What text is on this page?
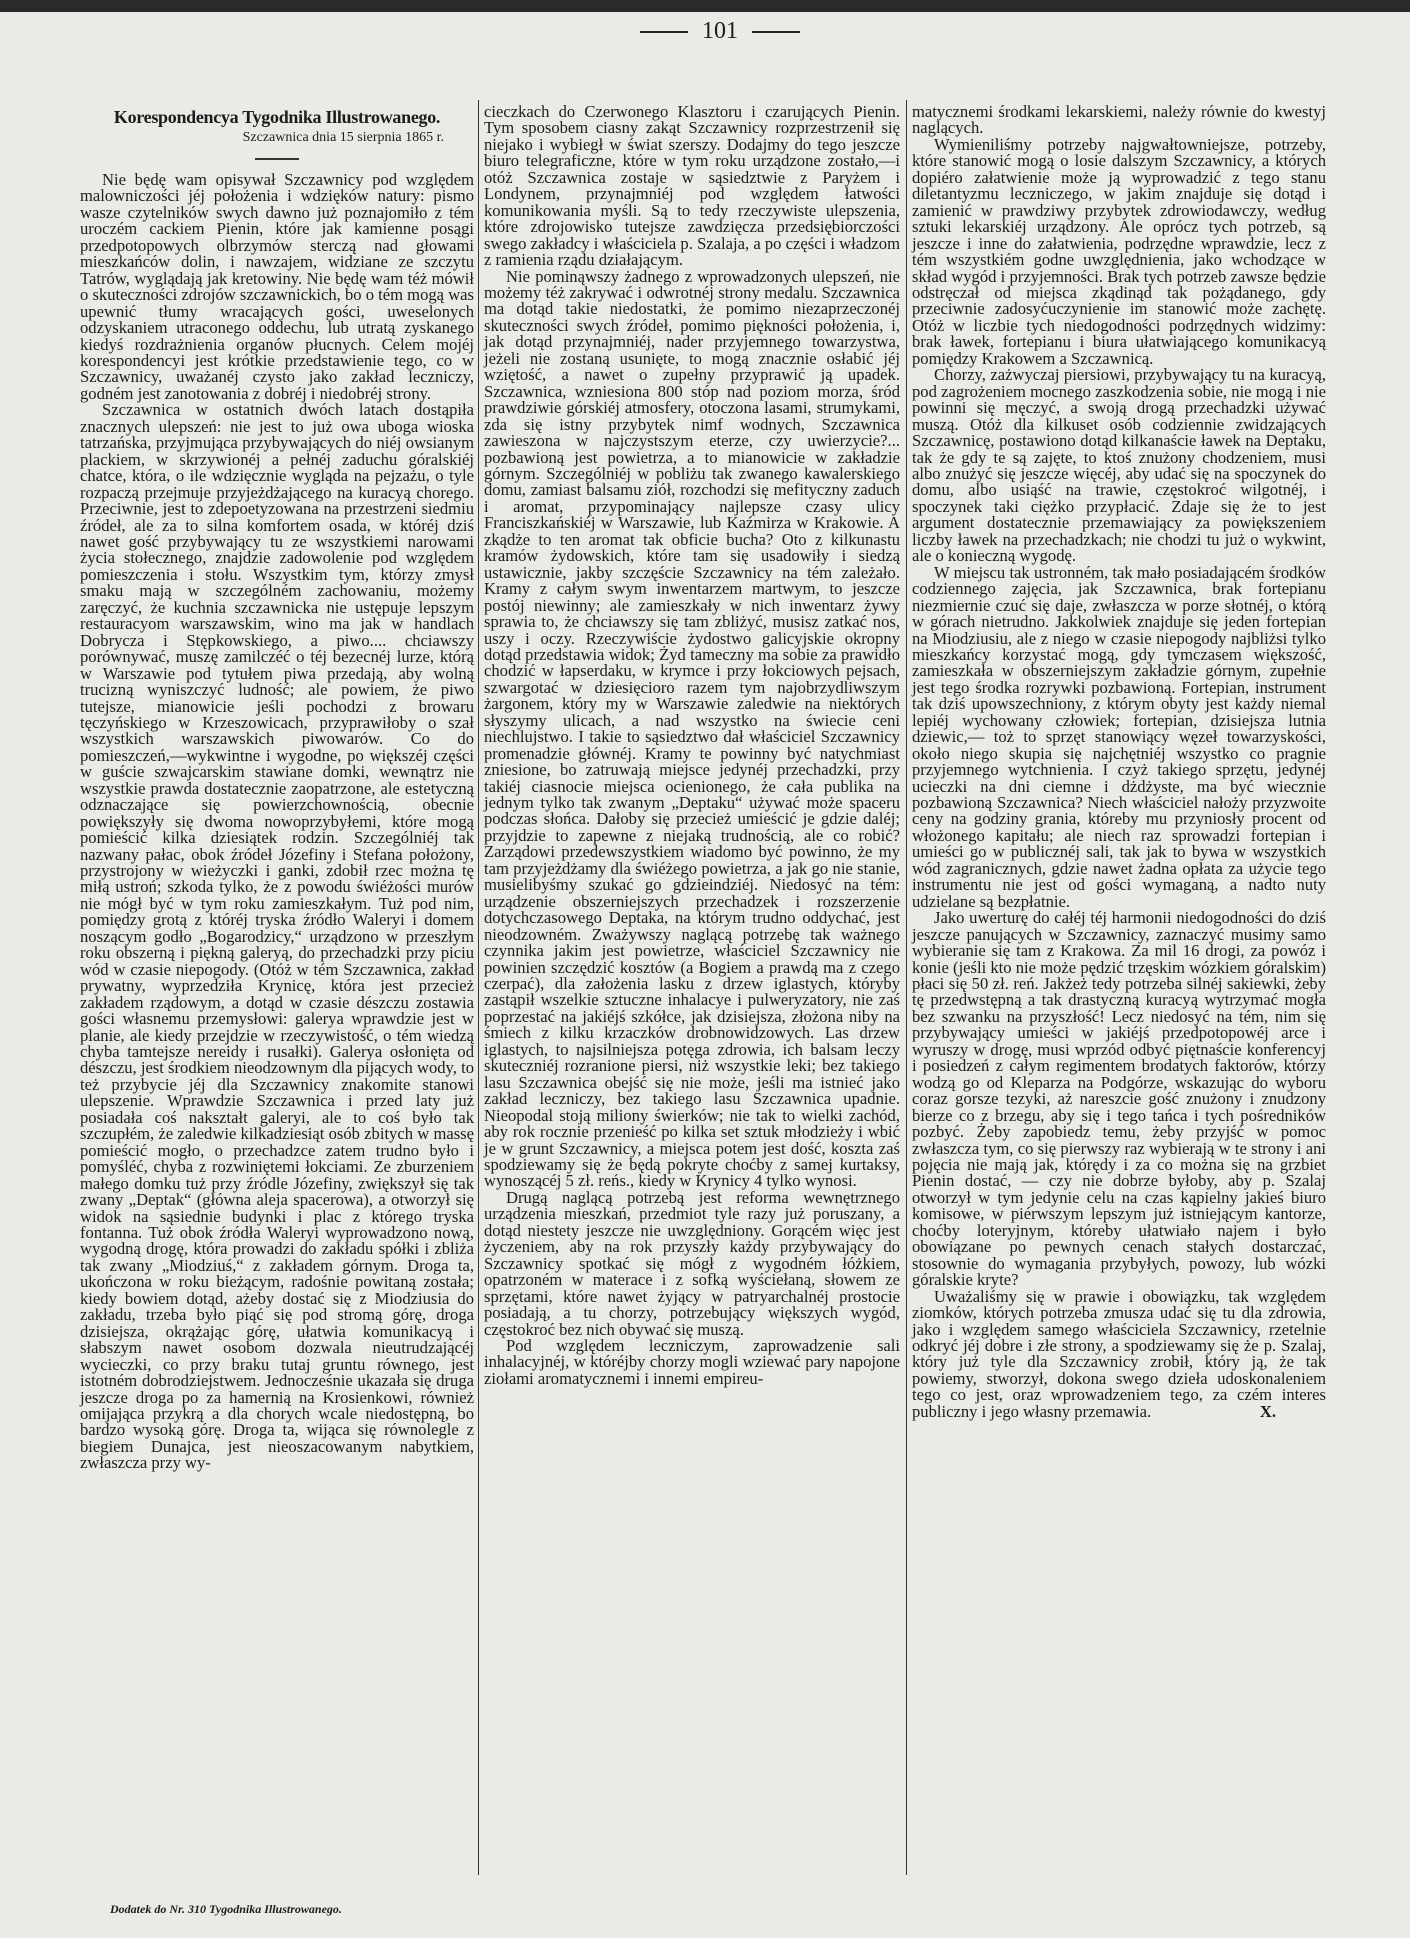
101
Korespondencya Tygodnika Illustrowanego.
Szczawnica dnia 15 sierpnia 1865 r.

Nie będę wam opisywał Szczawnicy pod względem malowniczości jéj położenia i wdzięków natury: pismo wasze czytelników swych dawno już poznajomiło z tém uroczém cackiem Pienin, które jak kamienne posągi przedpotopowych olbrzymów sterczą nad głowami mieszkańców dolin, i nawzajem, widziane ze szczytu Tatrów, wyglądają jak kretowiny. Nie będę wam téż mówił o skuteczności zdrojów szczawnickich, bo o tém mogą was upewnić tłumy wracających gości, uweselonych odzyskaniem utraconego oddechu, lub utratą zyskanego kiedyś rozdrażnienia organów płucnych. Celem mojéj korespondencyi jest krótkie przedstawienie tego, co w Szczawnicy, uważanéj czysto jako zakład leczniczy, godném jest zanotowania z dobréj i niedobréj strony.

Szczawnica w ostatnich dwóch latach dostąpiła znacznych ulepszeń: nie jest to już owa uboga wioska tatrzańska, przyjmująca przybywających do niéj owsianym plackiem, w skrzywionéj a pełnéj zaduchu góralskiéj chatce, która, o ile wdzięcznie wygląda na pejzażu, o tyle rozpaczą przejmuje przyjeżdżającego na kuracyą chorego. Przeciwnie, jest to zdepoetyzowana na przestrzeni siedmiu źródeł, ale za to silna komfortem osada, w któréj dziś nawet gość przybywający tu ze wszystkiemi narowami życia stołecznego, znajdzie zadowolenie pod względem pomieszczenia i stołu. Wszystkim tym, którzy zmysł smaku mają w szczególném zachowaniu, możemy zaręczyć, że kuchnia szczawnicka nie ustępuje lepszym restauracyom warszawskim, wino ma jak w handlach Dobrycza i Stępkowskiego, a piwo.... chciawszy porównywać, muszę zamilczéć o téj bezecnéj lurze, którą w Warszawie pod tytułem piwa przedają, aby wolną trucizną wyniszczyć ludność; ale powiem, że piwo tutejsze, mianowicie jeśli pochodzi z browaru tęczyńskiego w Krzeszowicach, przyprawiłoby o szał wszystkich warszawskich piwowarów. Co do pomieszczeń,—wykwintne i wygodne, po większéj części w guście szwajcarskim stawiane domki, wewnątrz nie wszystkie prawda dostatecznie zaopatrzone, ale estetyczną odznaczające się powierzchownością, obecnie powiększyły się dwoma nowoprzybyłemi, które mogą pomieścić kilka dziesiątek rodzin. Szczególniéj tak nazwany pałac, obok źródeł Józefiny i Stefana położony, przystrojony w wieżyczki i ganki, zdobił rzec można tę miłą ustroń; szkoda tylko, że z powodu świéżości murów nie mógł być w tym roku zamieszkałym. Tuż pod nim, pomiędzy grotą z któréj tryska źródło Waleryi i domem noszącym godło „Bogarodzicy,“ urządzono w przeszłym roku obszerną i piękną galeryą, do przechadzki przy piciu wód w czasie niepogody. (Otóż w tém Szczawnica, zakład prywatny, wyprzedziła Krynicę, która jest przecież zakładem rządowym, a dotąd w czasie dészczu zostawia gości własnemu przemysłowi: galerya wprawdzie jest w planie, ale kiedy przejdzie w rzeczywistość, o tém wiedzą chyba tamtejsze nereidy i rusałki). Galerya osłonięta od dészczu, jest środkiem nieodzownym dla pijących wody, to też przybycie jéj dla Szczawnicy znakomite stanowi ulepszenie. Wprawdzie Szczawnica i przed laty już posiadała coś nakształt galeryi, ale to coś było tak szczupłém, że zaledwie kilkadziesiąt osób zbitych w massę pomieścić mogło, o przechadzce zatem trudno było i pomyśléć, chyba z rozwiniętemi łokciami. Ze zburzeniem małego domku tuż przy źródle Józefiny, zwiększył się tak zwany „Deptak“ (główna aleja spacerowa), a otworzył się widok na sąsiednie budynki i plac z którego tryska fontanna. Tuż obok źródła Waleryi wyprowadzono nową, wygodną drogę, która prowadzi do zakładu spółki i zbliża tak zwany „Miodziuś,“ z zakładem górnym. Droga ta, ukończona w roku bieżącym, radośnie powitaną została; kiedy bowiem dotąd, ażeby dostać się z Miodziusia do zakładu, trzeba było piąć się pod stromą górę, droga dzisiejsza, okrążając górę, ułatwia komunikacyą i słabszym nawet osobom dozwala nieutrudzającéj wycieczki, co przy braku tutaj gruntu równego, jest istotném dobrodziejstwem. Jednocześnie ukazała się druga jeszcze droga po za hamernią na Krosienkowi, również omijająca przykrą a dla chorych wcale niedostępną, bo bardzo wysoką górę. Droga ta, wijąca się równolegle z biegiem Dunajca, jest nieoszacowanym nabytkiem, zwłaszcza przy wy-

cieczkach do Czerwonego Klasztoru i czarujących Pienin. Tym sposobem ciasny zakąt Szczawnicy rozprzestrzenił się niejako i wybiegł w świat szerszy. Dodajmy do tego jeszcze biuro telegraficzne, które w tym roku urządzone zostało,—i otóż Szczawnica zostaje w sąsiedztwie z Paryżem i Londynem, przynajmniéj pod względem łatwości komunikowania myśli. Są to tedy rzeczywiste ulepszenia, które zdrojowisko tutejsze zawdzięcza przedsiębiorczości swego zakładcy i właściciela p. Szalaja, a po części i władzom z ramienia rządu działającym.

Nie pominąwszy żadnego z wprowadzonych ulepszeń, nie możemy téż zakrywać i odwrotnéj strony medalu. Szczawnica ma dotąd takie niedostatki, że pomimo niezaprzeczonéj skuteczności swych źródeł, pomimo piękności położenia, i, jak dotąd przynajmniéj, nader przyjemnego towarzystwa, jeżeli nie zostaną usunięte, to mogą znacznie osłabić jéj wziętość, a nawet o zupełny przyprawić ją upadek. Szczawnica, wzniesiona 800 stóp nad poziom morza, śród prawdziwie górskiéj atmosfery, otoczona lasami, strumykami, zda się istny przybytek nimf wodnych, Szczawnica zawieszona w najczystszym eterze, czy uwierzycie?... pozbawioną jest powietrza, a to mianowicie w zakładzie górnym. Szczególniéj w pobliżu tak zwanego kawalerskiego domu, zamiast balsamu ziół, rozchodzi się mefityczny zaduch i aromat, przypominający najlepsze czasy ulicy Franciszkańskiéj w Warszawie, lub Kaźmirza w Krakowie. A zkądże to ten aromat tak obficie bucha? Oto z kilkunastu kramów żydowskich, które tam się usadowiły i siedzą ustawicznie, jakby szczęście Szczawnicy na tém zależało. Kramy z całym swym inwentarzem martwym, to jeszcze postój niewinny; ale zamieszkały w nich inwentarz żywy sprawia to, że chciawszy się tam zbliżyć, musisz zatkać nos, uszy i oczy. Rzeczywiście żydostwo galicyjskie okropny dotąd przedstawia widok; Żyd tameczny ma sobie za prawidło chodzić w łapserdaku, w krymce i przy łokciowych pejsach, szwargotać w dziesięcioro razem tym najobrzydliwszym żargonem, który my w Warszawie zaledwie na niektórych słyszymy ulicach, a nad wszystko na świecie ceni niechlujstwo. I takie to sąsiedztwo dał właściciel Szczawnicy promenadzie głównéj. Kramy te powinny być natychmiast zniesione, bo zatruwają miejsce jedynéj przechadzki, przy takiéj ciasnocie miejsca ocienionego, że cała publika na jednym tylko tak zwanym „Deptaku“ używać może spaceru podczas słońca. Dałoby się przecież umieścić je gdzie daléj; przyjdzie to zapewne z niejaką trudnością, ale co robić? Zarządowi przedewszystkiem wiadomo być powinno, że my tam przyjeżdżamy dla świéżego powietrza, a jak go nie stanie, musielibyśmy szukać go gdzieindziéj. Niedosyć na tém: urządzenie obszerniejszych przechadzek i rozszerzenie dotychczasowego Deptaka, na którym trudno oddychać, jest nieodzowném. Zważywszy naglącą potrzebę tak ważnego czynnika jakim jest powietrze, właściciel Szczawnicy nie powinien szczędzić kosztów (a Bogiem a prawdą ma z czego czerpać), dla założenia lasku z drzew iglastych, któryby zastąpił wszelkie sztuczne inhalacye i pulweryzatory, nie zaś poprzestać na jakiéjś szkółce, jak dzisiejsza, złożona niby na śmiech z kilku krzaczków drobnowidzowych. Las drzew iglastych, to najsilniejsza potęga zdrowia, ich balsam leczy skuteczniéj rozranione piersi, niż wszystkie leki; bez takiego lasu Szczawnica obejść się nie może, jeśli ma istnieć jako zakład leczniczy, bez takiego lasu Szczawnica upadnie. Nieopodal stoją miliony świerków; nie tak to wielki zachód, aby rok rocznie przenieść po kilka set sztuk młodzieży i wbić je w grunt Szczawnicy, a miejsca potem jest dość, koszta zaś spodziewamy się że będą pokryte choćby z samej kurtaksy, wynoszącéj 5 zł. reńs., kiedy w Krynicy 4 tylko wynosi.

Drugą naglącą potrzebą jest reforma wewnętrznego urządzenia mieszkań, przedmiot tyle razy już poruszany, a dotąd niestety jeszcze nie uwzględniony. Gorącém więc jest życzeniem, aby na rok przyszły każdy przybywający do Szczawnicy spotkać się mógł z wygodném łóżkiem, opatrzoném w materace i z sofką wyściełaną, słowem ze sprzętami, które nawet żyjący w patryarchalnéj prostocie posiadają, a tu chorzy, potrzebujący większych wygód, częstokroć bez nich obywać się muszą.

Pod względem leczniczym, zaprowadzenie sali inhalacyjnéj, w któréjby chorzy mogli wziewać pary napojone ziołami aromatycznemi i innemi empireu-

matycznemi środkami lekarskiemi, należy równie do kwestyj naglących.

Wymieniliśmy potrzeby najgwałtowniejsze, potrzeby, które stanowić mogą o losie dalszym Szczawnicy, a których dopiéro załatwienie może ją wyprowadzić z tego stanu diletantyzmu leczniczego, w jakim znajduje się dotąd i zamienić w prawdziwy przybytek zdrowiodawczy, według sztuki lekarskiéj urządzony. Ale oprócz tych potrzeb, są jeszcze i inne do załatwienia, podrzędne wprawdzie, lecz z tém wszystkiém godne uwzględnienia, jako wchodzące w skład wygód i przyjemności. Brak tych potrzeb zawsze będzie odstręczał od miejsca zkądinąd tak pożądanego, gdy przeciwnie zadosyćuczynienie im stanowić może zachętę. Otóż w liczbie tych niedogodności podrzędnych widzimy: brak ławek, fortepianu i biura ułatwiającego komunikacyą pomiędzy Krakowem a Szczawnicą.

Chorzy, zażwyczaj piersiowi, przybywający tu na kuracyą, pod zagrożeniem mocnego zaszkodzenia sobie, nie mogą i nie powinni się męczyć, a swoją drogą przechadzki używać muszą. Otóż dla kilkuset osób codziennie zwidzających Szczawnicę, postawiono dotąd kilkanaście ławek na Deptaku, tak że gdy te są zajęte, to ktoś znużony chodzeniem, musi albo znużyć się jeszcze więcéj, aby udać się na spoczynek do domu, albo usiąść na trawie, częstokroć wilgotnéj, i spoczynek taki ciężko przypłacić. Zdaje się że to jest argument dostatecznie przemawiający za powiększeniem liczby ławek na przechadzkach; nie chodzi tu już o wykwint, ale o konieczną wygodę.

W miejscu tak ustronném, tak mało posiadającém środków codziennego zajęcia, jak Szczawnica, brak fortepianu niezmiernie czuć się daje, zwłaszcza w porze słotnéj, o którą w górach nietrudno. Jakkolwiek znajduje się jeden fortepian na Miodziusiu, ale z niego w czasie niepogody najbliżsi tylko mieszkańcy korzystać mogą, gdy tymczasem większość, zamieszkała w obszerniejszym zakładzie górnym, zupełnie jest tego środka rozrywki pozbawioną. Fortepian, instrument tak dziś upowszechniony, z którym obyty jest każdy niemal lepiéj wychowany człowiek; fortepian, dzisiejsza lutnia dziewic,— toż to sprzęt stanowiący węzeł towarzyskości, około niego skupia się najchętniéj wszystko co pragnie przyjemnego wytchnienia. I czyż takiego sprzętu, jedynéj ucieczki na dni ciemne i dżdżyste, ma być wiecznie pozbawioną Szczawnica? Niech właściciel nałoży przyzwoite ceny na godziny grania, któreby mu przyniosły procent od włożonego kapitału; ale niech raz sprowadzi fortepian i umieści go w publicznéj sali, tak jak to bywa w wszystkich wód zagranicznych, gdzie nawet żadna opłata za użycie tego instrumentu nie jest od gości wymaganą, a nadto nuty udzielane są bezpłatnie.

Jako uwerturę do całéj téj harmonii niedogodności do dziś jeszcze panujących w Szczawnicy, zaznaczyć musimy samo wybieranie się tam z Krakowa. Za mil 16 drogi, za powóz i konie (jeśli kto nie może pędzić trzęskim wózkiem góralskim) płaci się 50 zł. reń. Jakżeż tedy potrzeba silnéj sakiewki, żeby tę przedwstępną a tak drastyczną kuracyą wytrzymać mogła bez szwanku na przyszłość! Lecz niedosyć na tém, nim się przybywający umieści w jakiéjś przedpotopowéj arce i wyruszy w drogę, musi wprzód odbyć piętnaście konferencyj i posiedzeń z całym regimentem brodatych faktorów, którzy wodzą go od Kleparza na Podgórze, wskazując do wyboru coraz gorsze tezyki, aż nareszcie gość znużony i znudzony bierze co z brzegu, aby się i tego tańca i tych pośredników pozbyć. Żeby zapobiedz temu, żeby przyjść w pomoc zwłaszcza tym, co się pierwszy raz wybierają w te strony i ani pojęcia nie mają jak, którędy i za co można się na grzbiet Pienin dostać, — czy nie dobrze byłoby, aby p. Szalaj otworzył w tym jedynie celu na czas kąpielny jakieś biuro komisowe, w piérwszym lepszym już istniejącym kantorze, choćby loteryjnym, któreby ułatwiało najem i było obowiązane po pewnych cenach stałych dostarczać, stosownie do wymagania przybyłych, powozy, lub wózki góralskie kryte?

Uważaliśmy się w prawie i obowiązku, tak względem ziomków, których potrzeba zmusza udać się tu dla zdrowia, jako i względem samego właściciela Szczawnicy, rzetelnie odkryć jéj dobre i złe strony, a spodziewamy się że p. Szalaj, który już tyle dla Szczawnicy zrobił, który ją, że tak powiemy, stworzył, dokona swego dzieła udoskonaleniem tego co jest, oraz wprowadzeniem tego, za czém interes publiczny i jego własny przemawia.	X.
Dodatek do Nr. 310 Tygodnika Illustrowanego.
